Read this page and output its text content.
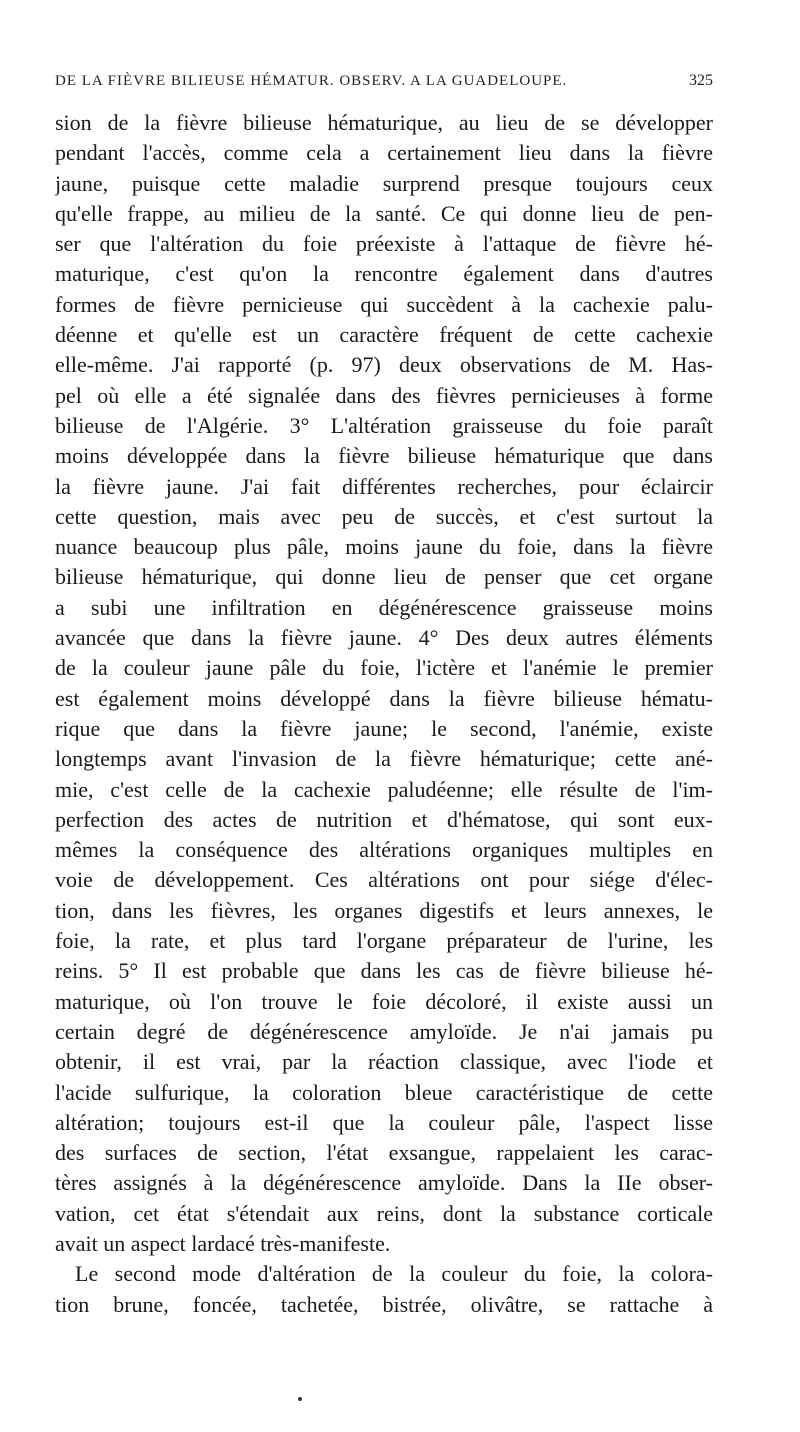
DE LA FIÈVRE BILIEUSE HÉMATUR. OBSERV. A LA GUADELOUPE.	325
sion de la fièvre bilieuse hématurique, au lieu de se développer
pendant l'accès, comme cela a certainement lieu dans la fièvre
jaune, puisque cette maladie surprend presque toujours ceux
qu'elle frappe, au milieu de la santé. Ce qui donne lieu de pen-
ser que l'altération du foie préexiste à l'attaque de fièvre hé-
maturique, c'est qu'on la rencontre également dans d'autres
formes de fièvre pernicieuse qui succèdent à la cachexie palu-
déenne et qu'elle est un caractère fréquent de cette cachexie
elle-même. J'ai rapporté (p. 97) deux observations de M. Has-
pel où elle a été signalée dans des fièvres pernicieuses à forme
bilieuse de l'Algérie. 3° L'altération graisseuse du foie paraît
moins développée dans la fièvre bilieuse hématurique que dans
la fièvre jaune. J'ai fait différentes recherches, pour éclaircir
cette question, mais avec peu de succès, et c'est surtout la
nuance beaucoup plus pâle, moins jaune du foie, dans la fièvre
bilieuse hématurique, qui donne lieu de penser que cet organe
a subi une infiltration en dégénérescence graisseuse moins
avancée que dans la fièvre jaune. 4° Des deux autres éléments
de la couleur jaune pâle du foie, l'ictère et l'anémie le premier
est également moins développé dans la fièvre bilieuse hématu-
rique que dans la fièvre jaune; le second, l'anémie, existe
longtemps avant l'invasion de la fièvre hématurique; cette ané-
mie, c'est celle de la cachexie paludéenne; elle résulte de l'im-
perfection des actes de nutrition et d'hématose, qui sont eux-
mêmes la conséquence des altérations organiques multiples en
voie de développement. Ces altérations ont pour siége d'élec-
tion, dans les fièvres, les organes digestifs et leurs annexes, le
foie, la rate, et plus tard l'organe préparateur de l'urine, les
reins. 5° Il est probable que dans les cas de fièvre bilieuse hé-
maturique, où l'on trouve le foie décoloré, il existe aussi un
certain degré de dégénérescence amyloïde. Je n'ai jamais pu
obtenir, il est vrai, par la réaction classique, avec l'iode et
l'acide sulfurique, la coloration bleue caractéristique de cette
altération; toujours est-il que la couleur pâle, l'aspect lisse
des surfaces de section, l'état exsangue, rappelaient les carac-
tères assignés à la dégénérescence amyloïde. Dans la IIe obser-
vation, cet état s'étendait aux reins, dont la substance corticale
avait un aspect lardacé très-manifeste.
Le second mode d'altération de la couleur du foie, la colora-
tion brune, foncée, tachetée, bistrée, olivâtre, se rattache à
